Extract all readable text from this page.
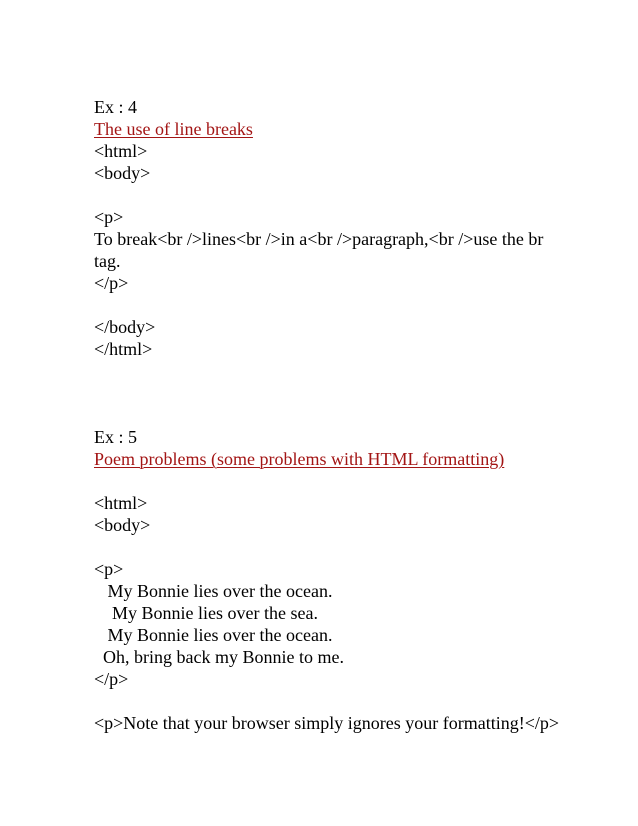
Ex : 4
The use of line breaks
<html>
<body>
<p>
To break<br />lines<br />in a<br />paragraph,<br />use the br tag.
</p>
</body>
</html>
Ex : 5
Poem problems (some problems with HTML formatting)
<html>
<body>
<p>
My Bonnie lies over the ocean.
My Bonnie lies over the sea.
My Bonnie lies over the ocean.
Oh, bring back my Bonnie to me.
</p>
<p>Note that your browser simply ignores your formatting!</p>
